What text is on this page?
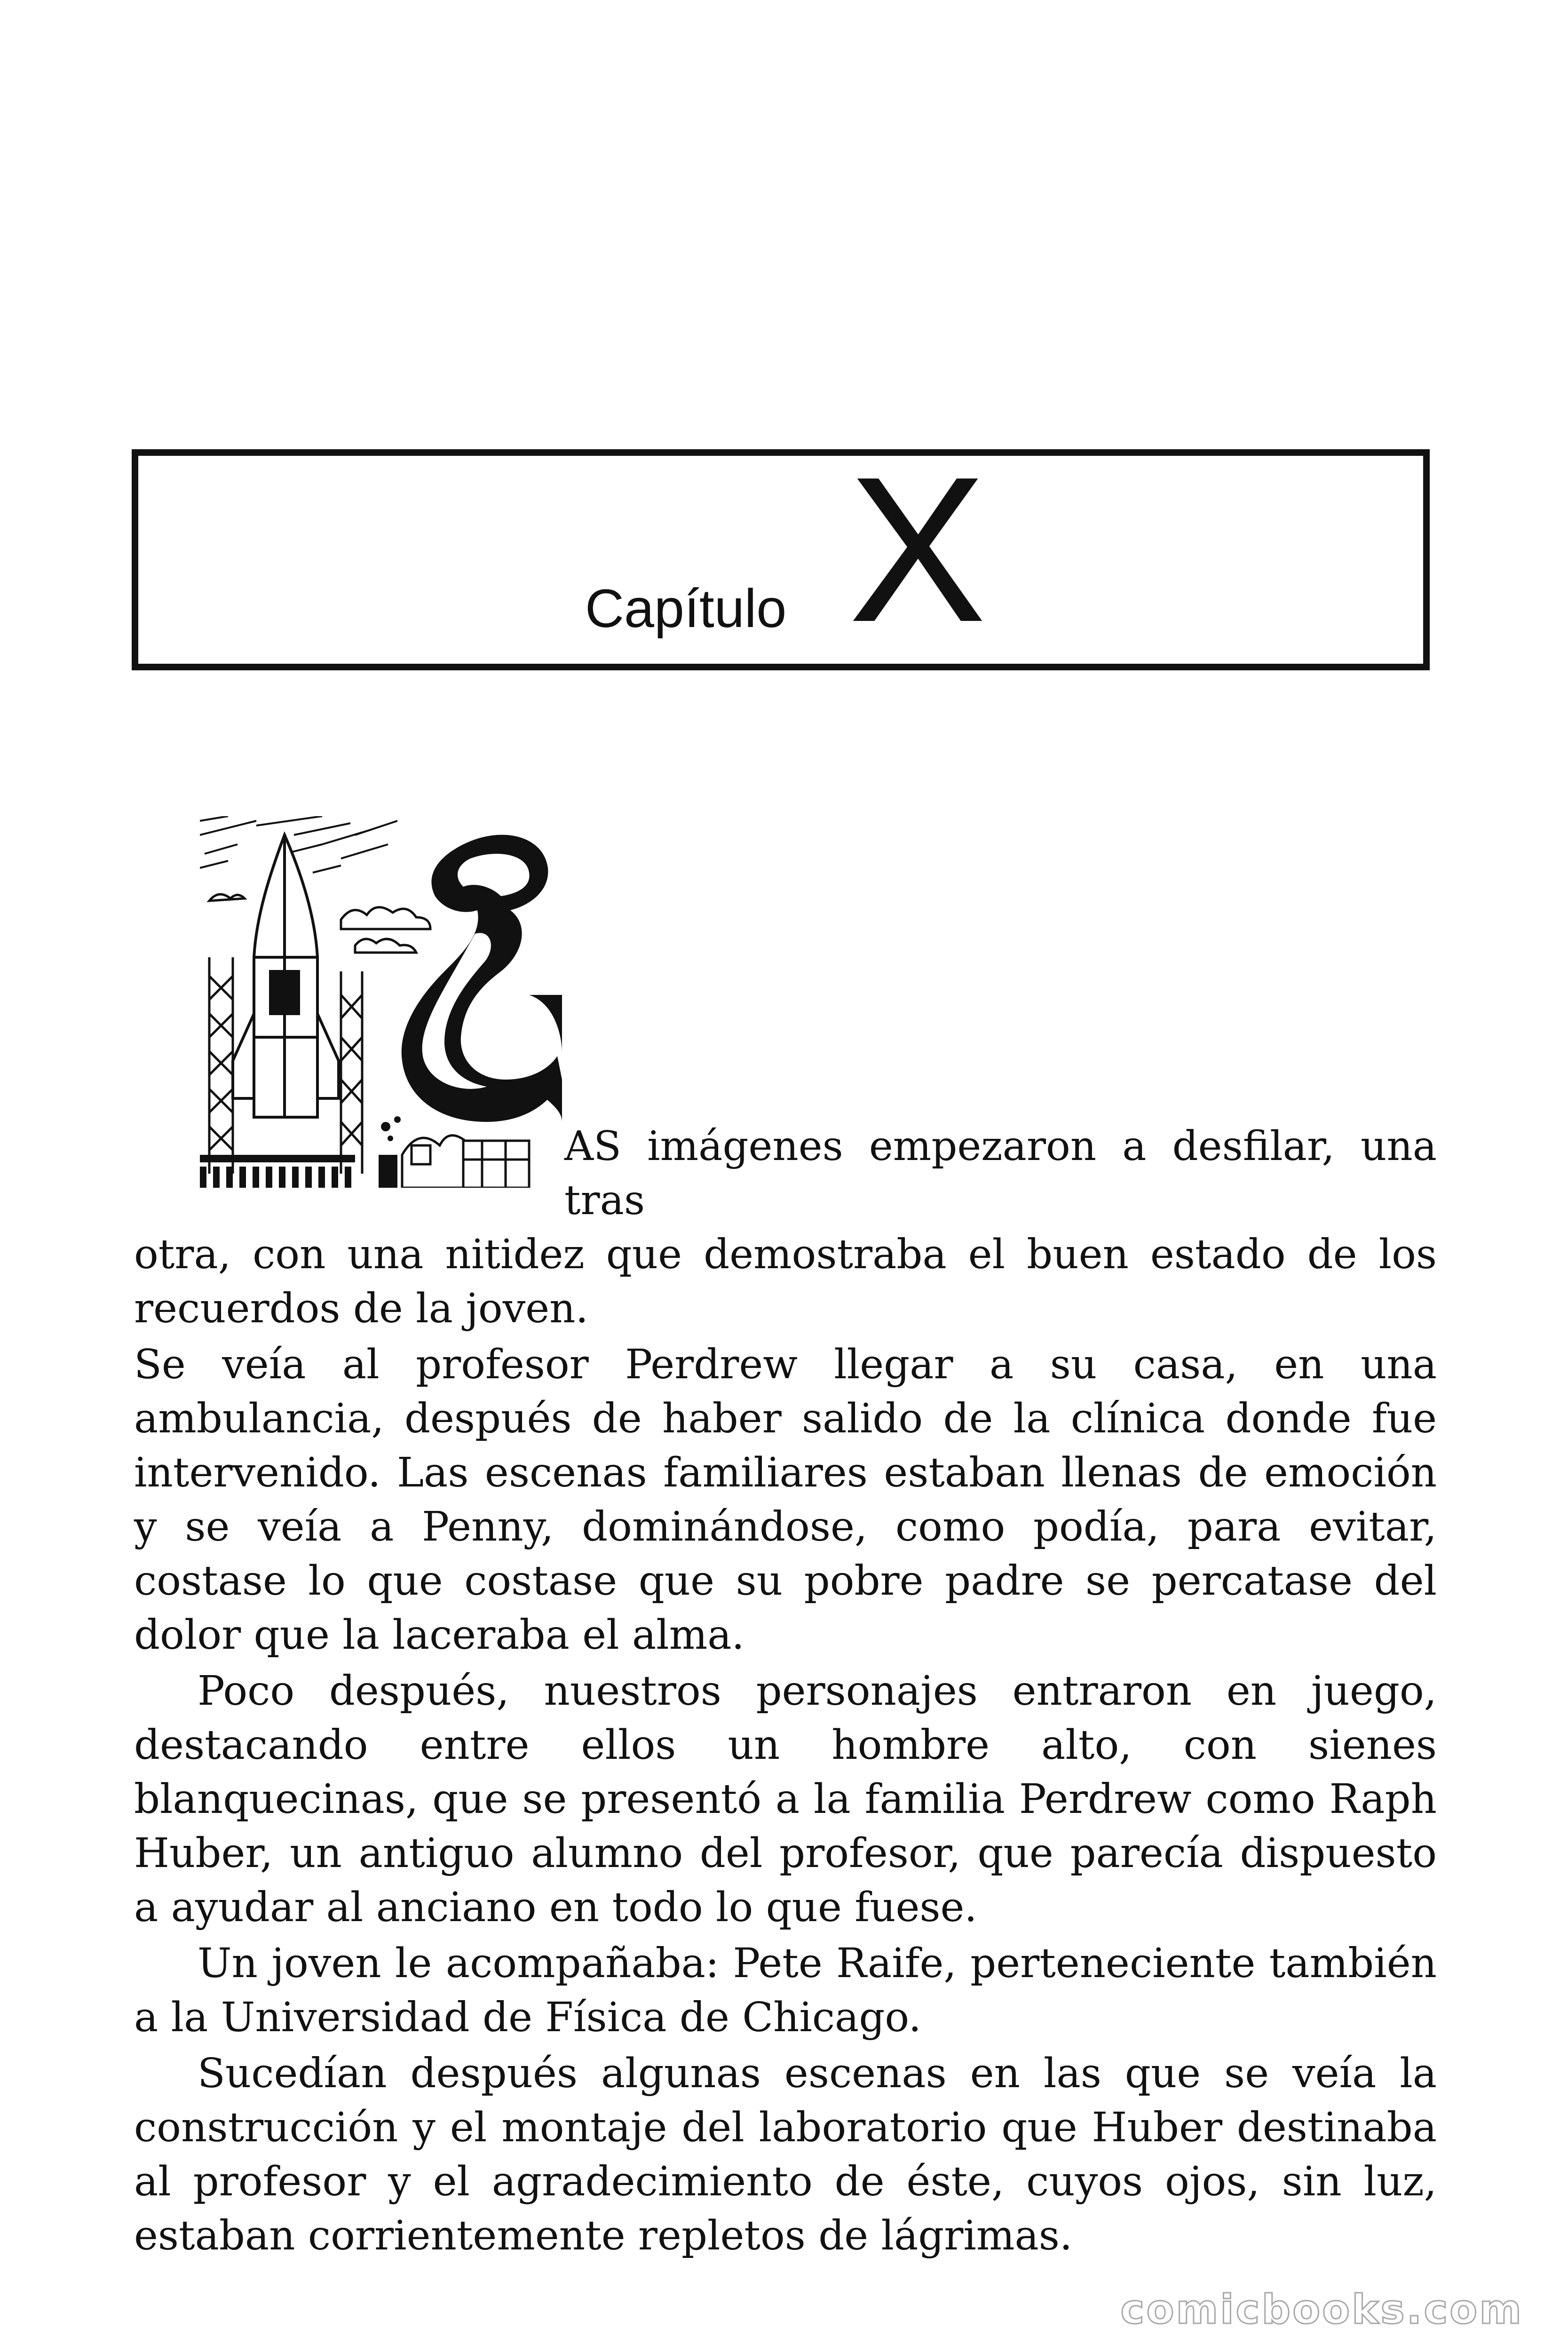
Capítulo X

AS imágenes empezaron a desfilar, una tras
otra, con una nitidez que demostraba el buen estado de los recuerdos de la joven.

Se veía al profesor Perdrew llegar a su casa, en una ambulancia, después de haber salido de la clínica donde fue intervenido. Las escenas familiares estaban llenas de emoción y se veía a Penny, dominándose, como podía, para evitar, costase lo que costase que su pobre padre se percatase del dolor que la laceraba el alma.

Poco después, nuestros personajes entraron en juego, destacando entre ellos un hombre alto, con sienes blanquecinas, que se presentó a la familia Perdrew como Raph Huber, un antiguo alumno del profesor, que parecía dispuesto a ayudar al anciano en todo lo que fuese.

Un joven le acompañaba: Pete Raife, perteneciente también a la Universidad de Física de Chicago.

Sucedían después algunas escenas en las que se veía la construcción y el montaje del laboratorio que Huber destinaba al profesor y el agradecimiento de éste, cuyos ojos, sin luz, estaban corrientemente repletos de lágrimas.

comicbooks.com
